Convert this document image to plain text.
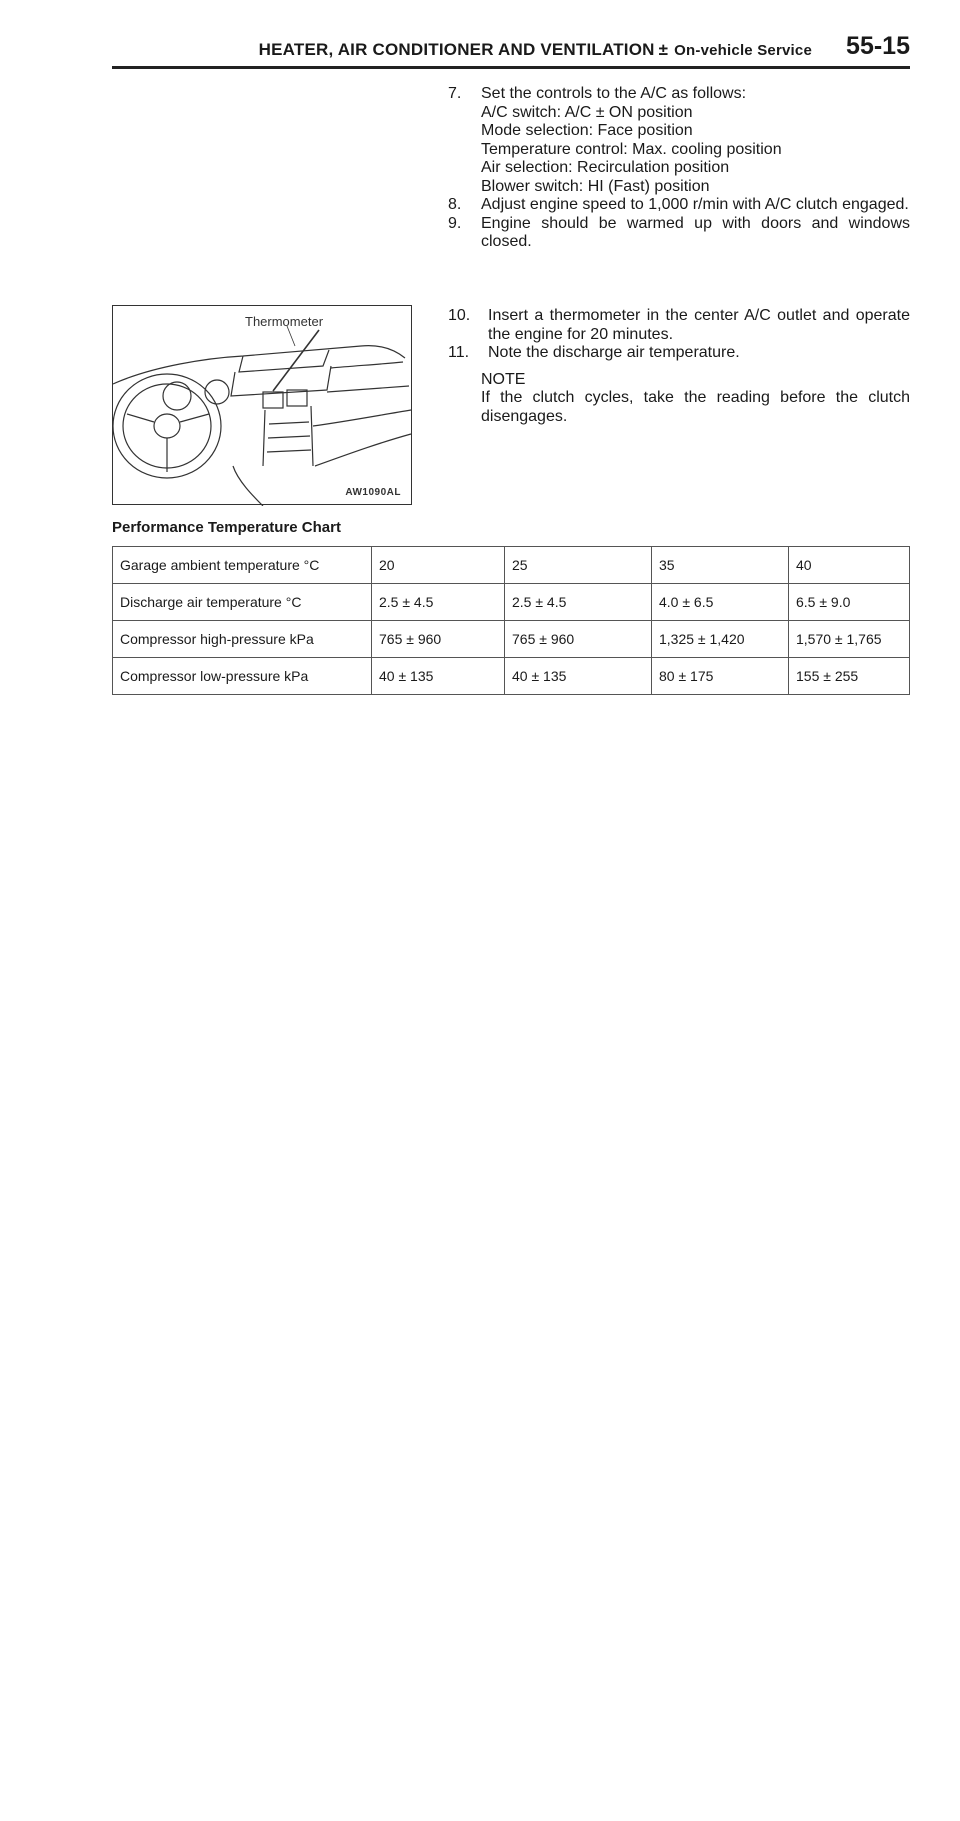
HEATER, AIR CONDITIONER AND VENTILATION ± On-vehicle Service 55-15
7. Set the controls to the A/C as follows:
A/C switch: A/C ± ON position
Mode selection: Face position
Temperature control: Max. cooling position
Air selection: Recirculation position
Blower switch: HI (Fast) position
8. Adjust engine speed to 1,000 r/min with A/C clutch engaged.
9. Engine should be warmed up with doors and windows closed.
Thermometer
AW1090AL
10. Insert a thermometer in the center A/C outlet and operate the engine for 20 minutes.
11. Note the discharge air temperature.
NOTE
If the clutch cycles, take the reading before the clutch disengages.
Performance Temperature Chart
Garage ambient temperature °C	20	25	35	40
Discharge air temperature °C	2.5 ± 4.5	2.5 ± 4.5	4.0 ± 6.5	6.5 ± 9.0
Compressor high-pressure kPa	765 ± 960	765 ± 960	1,325 ± 1,420	1,570 ± 1,765
Compressor low-pressure kPa	40 ± 135	40 ± 135	80 ± 175	155 ± 255
